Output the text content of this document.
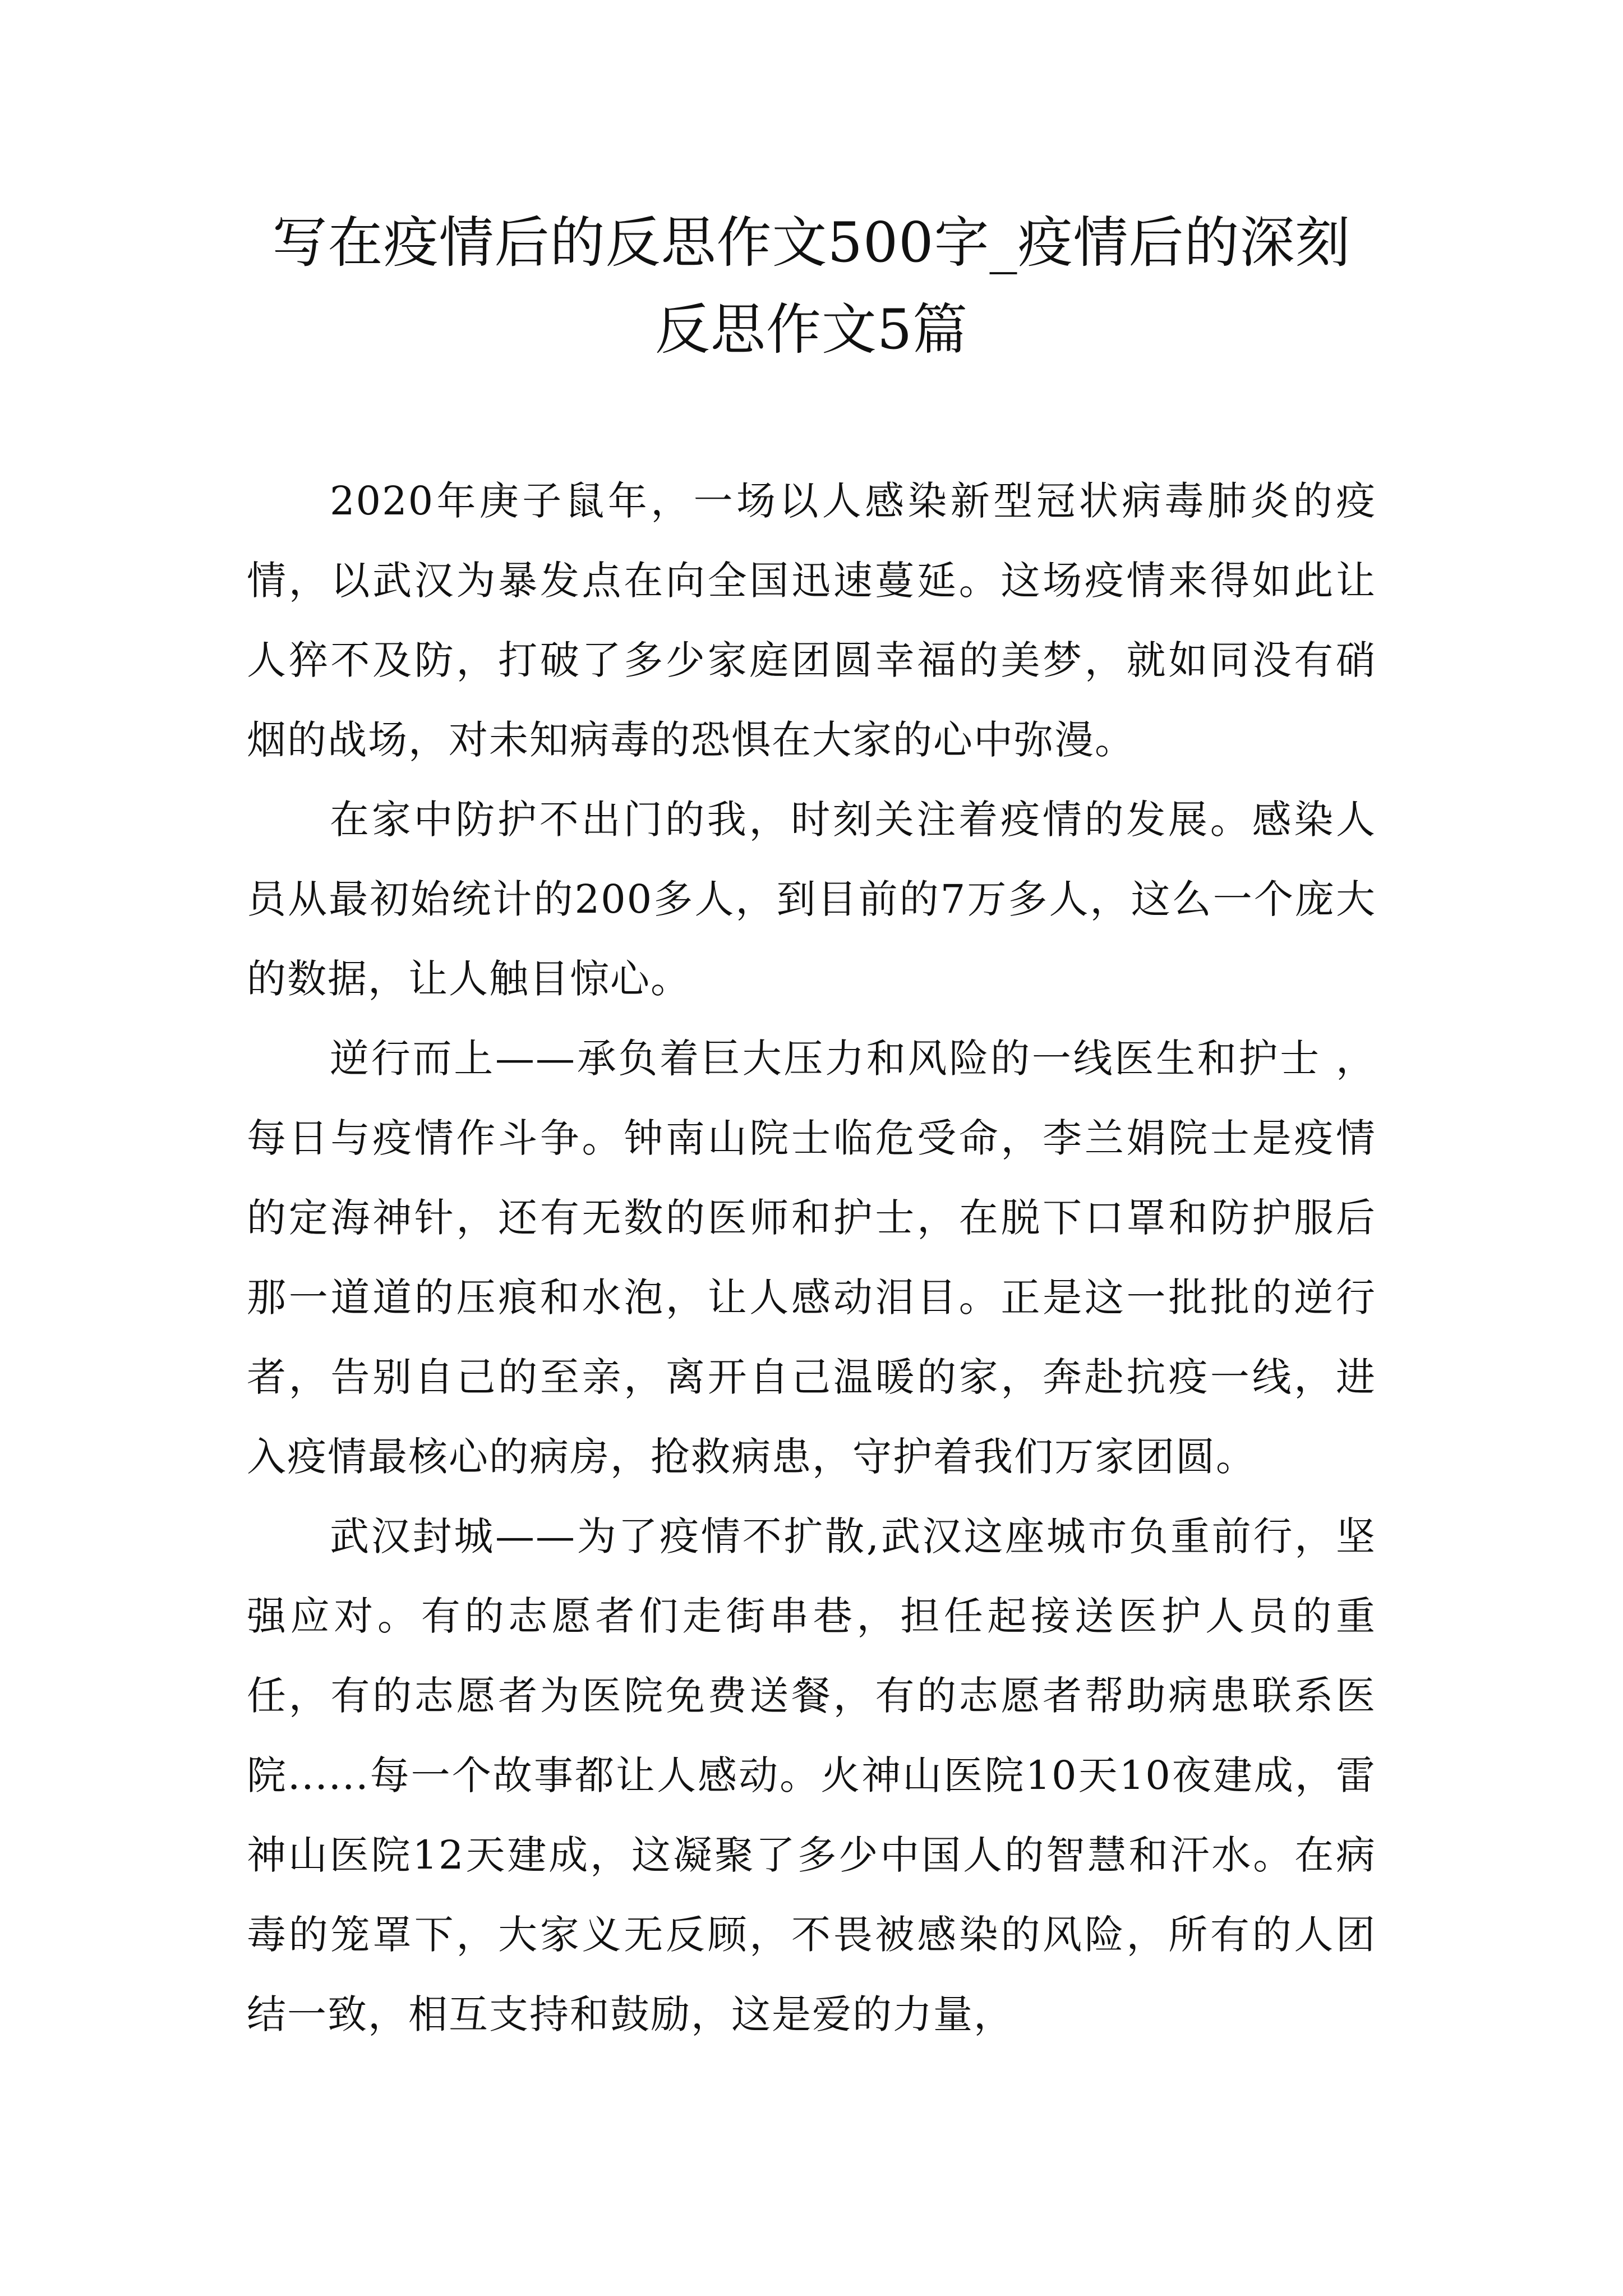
写在疫情后的反思作文500字_疫情后的深刻反思作文5篇

2020年庚子鼠年，一场以人感染新型冠状病毒肺炎的疫情，以武汉为暴发点在向全国迅速蔓延。这场疫情来得如此让人猝不及防，打破了多少家庭团圆幸福的美梦，就如同没有硝烟的战场，对未知病毒的恐惧在大家的心中弥漫。

在家中防护不出门的我，时刻关注着疫情的发展。感染人员从最初始统计的200多人，到目前的7万多人，这么一个庞大的数据，让人触目惊心。

逆行而上——承负着巨大压力和风险的一线医生和护士 ，每日与疫情作斗争。钟南山院士临危受命，李兰娟院士是疫情的定海神针，还有无数的医师和护士，在脱下口罩和防护服后那一道道的压痕和水泡，让人感动泪目。正是这一批批的逆行者，告别自己的至亲，离开自己温暖的家，奔赴抗疫一线，进入疫情最核心的病房，抢救病患，守护着我们万家团圆。

武汉封城——为了疫情不扩散,武汉这座城市负重前行，坚强应对。有的志愿者们走街串巷，担任起接送医护人员的重任，有的志愿者为医院免费送餐，有的志愿者帮助病患联系医院......每一个故事都让人感动。火神山医院10天10夜建成，雷神山医院12天建成，这凝聚了多少中国人的智慧和汗水。在病毒的笼罩下，大家义无反顾，不畏被感染的风险，所有的人团结一致，相互支持和鼓励，这是爱的力量，
